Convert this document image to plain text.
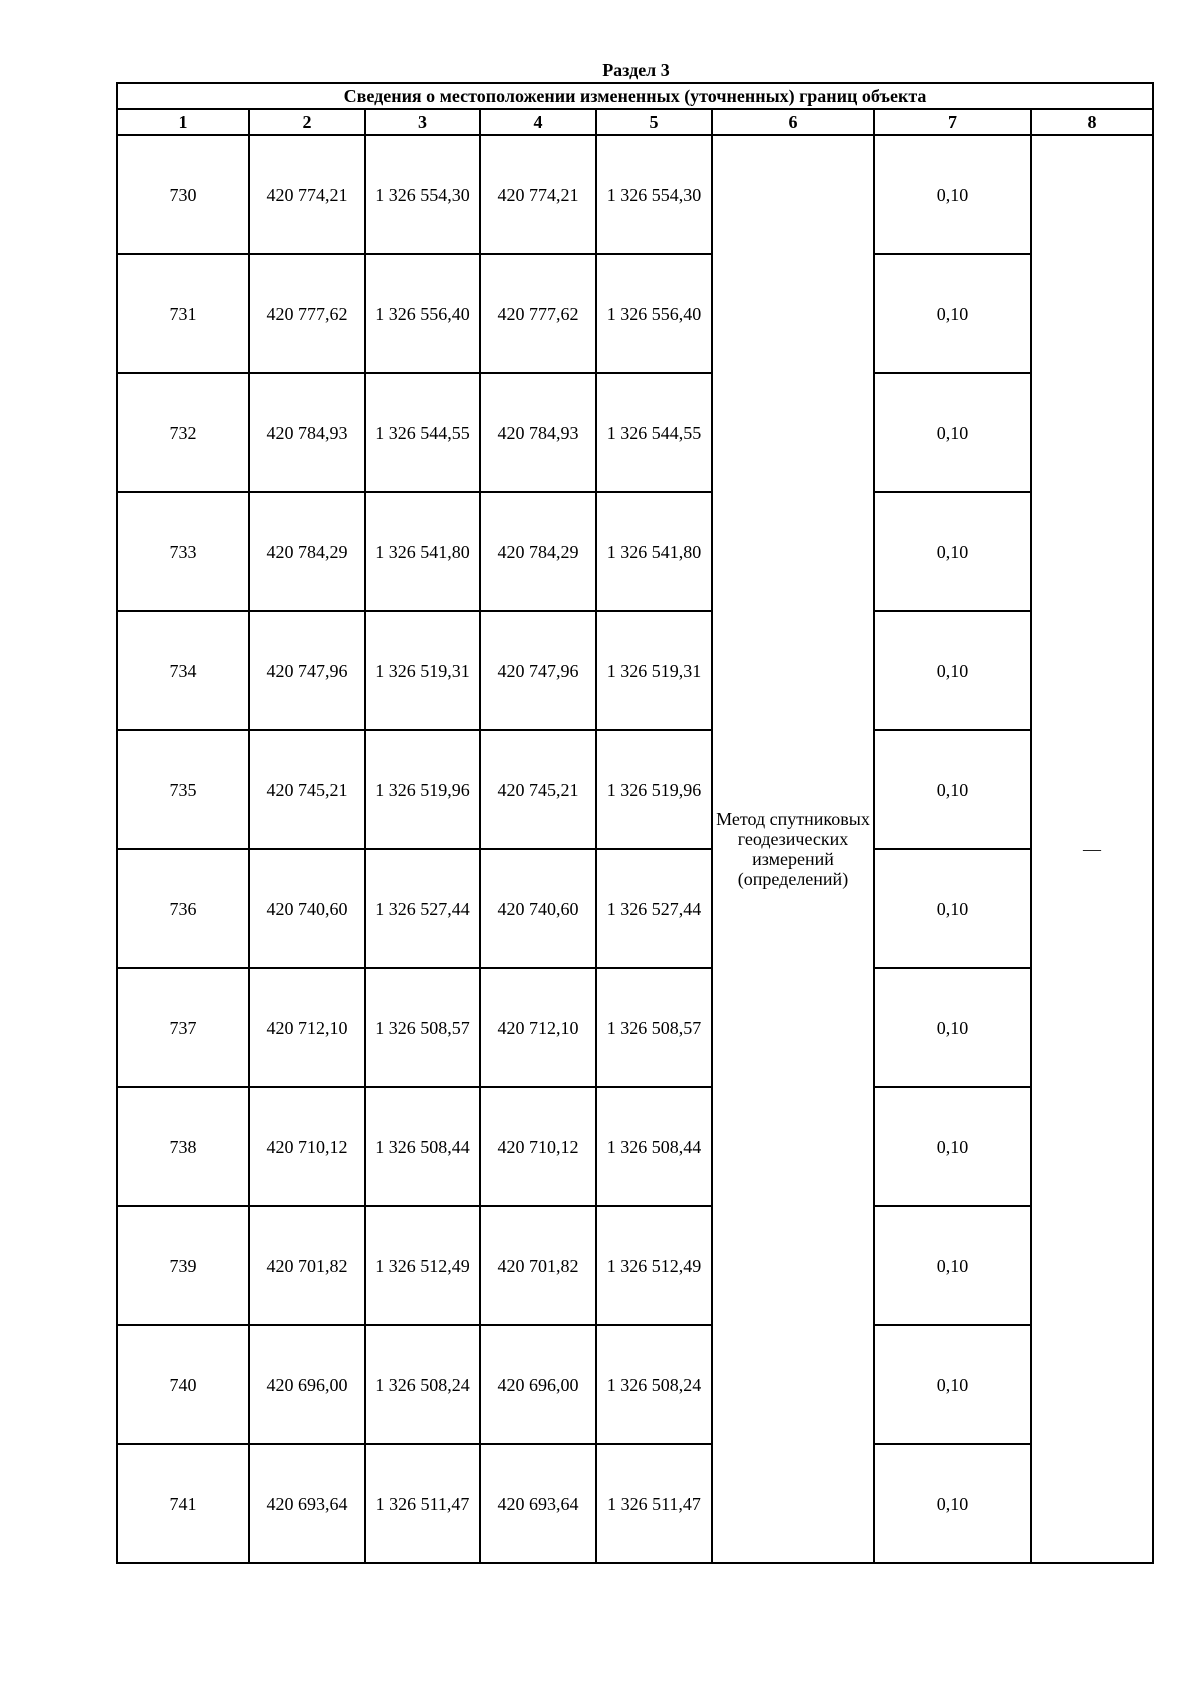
Раздел 3
Сведения о местоположении измененных (уточненных) границ объекта							
1	2	3	4	5	6	7	8
730	420 774,21	1 326 554,30	420 774,21	1 326 554,30	Метод спутниковых геодезических измерений (определений)	0,10	—
731	420 777,62	1 326 556,40	420 777,62	1 326 556,40		0,10	
732	420 784,93	1 326 544,55	420 784,93	1 326 544,55		0,10	
733	420 784,29	1 326 541,80	420 784,29	1 326 541,80		0,10	
734	420 747,96	1 326 519,31	420 747,96	1 326 519,31		0,10	
735	420 745,21	1 326 519,96	420 745,21	1 326 519,96		0,10	
736	420 740,60	1 326 527,44	420 740,60	1 326 527,44		0,10	
737	420 712,10	1 326 508,57	420 712,10	1 326 508,57		0,10	
738	420 710,12	1 326 508,44	420 710,12	1 326 508,44		0,10	
739	420 701,82	1 326 512,49	420 701,82	1 326 512,49		0,10	
740	420 696,00	1 326 508,24	420 696,00	1 326 508,24		0,10	
741	420 693,64	1 326 511,47	420 693,64	1 326 511,47		0,10	
